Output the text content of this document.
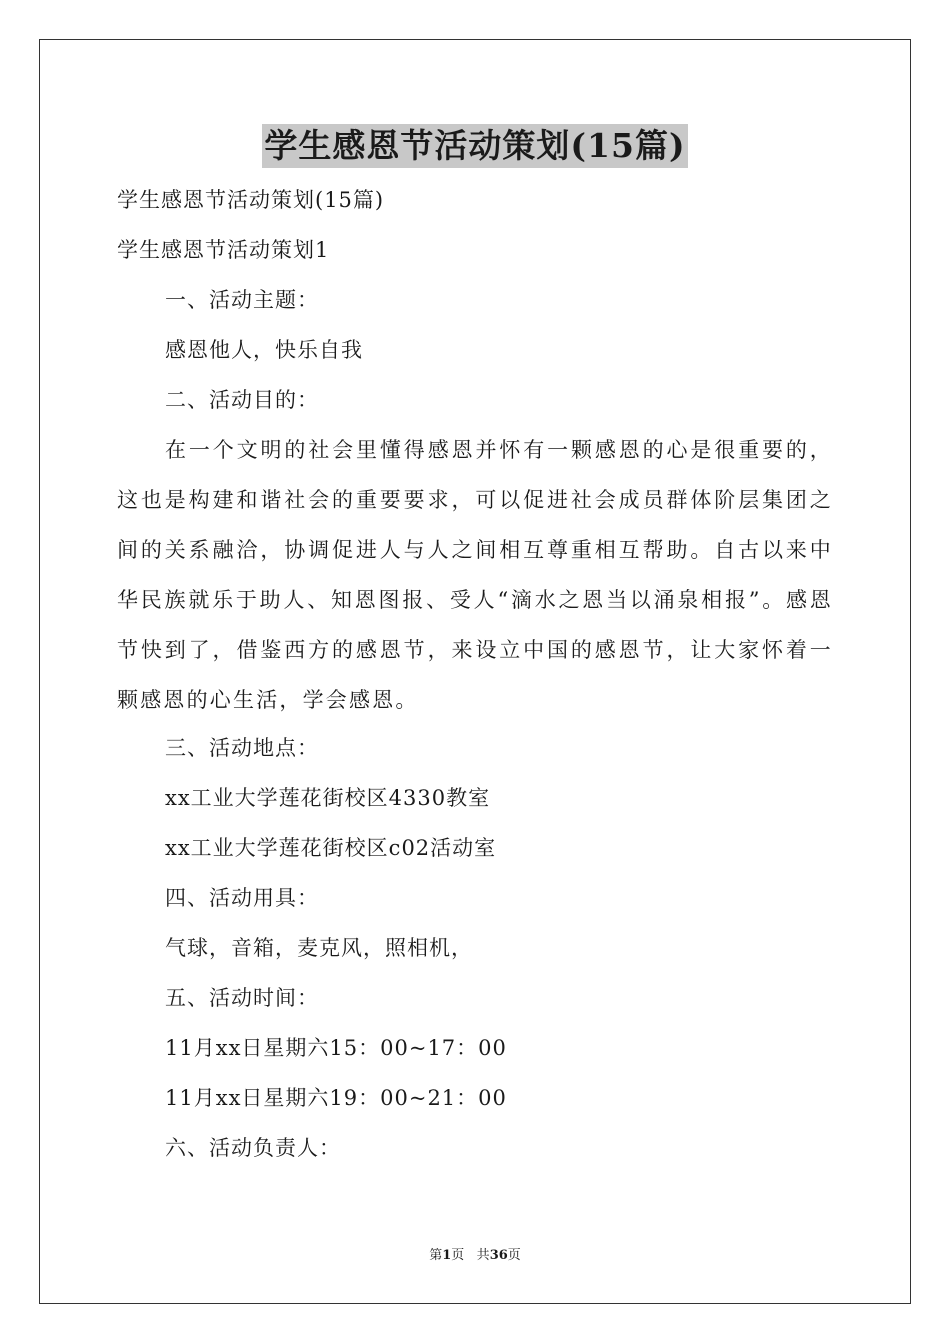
学生感恩节活动策划(15篇)
学生感恩节活动策划(15篇)
学生感恩节活动策划1
一、活动主题：
感恩他人，快乐自我
二、活动目的：

在一个文明的社会里懂得感恩并怀有一颗感恩的心是很重要的，这也是构建和谐社会的重要要求，可以促进社会成员群体阶层集团之间的关系融洽，协调促进人与人之间相互尊重相互帮助。自古以来中华民族就乐于助人、知恩图报、受人“滴水之恩当以涌泉相报”。感恩节快到了，借鉴西方的感恩节，来设立中国的感恩节，让大家怀着一颗感恩的心生活，学会感恩。

三、活动地点：
xx工业大学莲花街校区4330教室
xx工业大学莲花街校区c02活动室
四、活动用具：
气球，音箱，麦克风，照相机，
五、活动时间：
11月xx日星期六15：00~17：00
11月xx日星期六19：00~21：00
六、活动负责人：
第1页 共36页
